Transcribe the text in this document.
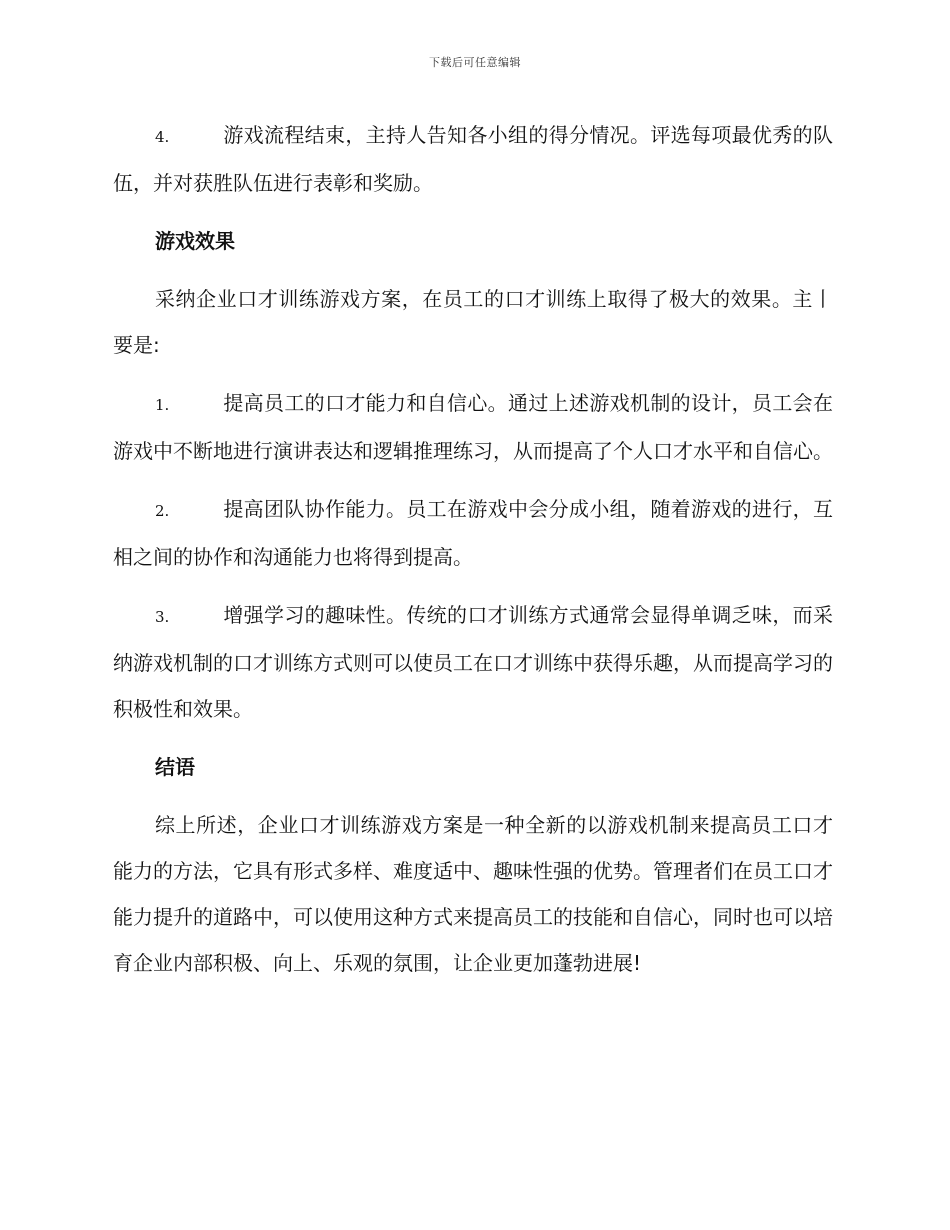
下载后可任意编辑

4.	游戏流程结束，主持人告知各小组的得分情况。评选每项最优秀的队伍，并对获胜队伍进行表彰和奖励。

游戏效果

采纳企业口才训练游戏方案，在员工的口才训练上取得了极大的效果。主丨要是:

1.	提高员工的口才能力和自信心。通过上述游戏机制的设计，员工会在游戏中不断地进行演讲表达和逻辑推理练习，从而提高了个人口才水平和自信心。

2.	提高团队协作能力。员工在游戏中会分成小组，随着游戏的进行，互相之间的协作和沟通能力也将得到提高。

3.	增强学习的趣味性。传统的口才训练方式通常会显得单调乏味，而采纳游戏机制的口才训练方式则可以使员工在口才训练中获得乐趣，从而提高学习的积极性和效果。

结语

综上所述，企业口才训练游戏方案是一种全新的以游戏机制来提高员工口才能力的方法，它具有形式多样、难度适中、趣味性强的优势。管理者们在员工口才能力提升的道路中，可以使用这种方式来提高员工的技能和自信心，同时也可以培育企业内部积极、向上、乐观的氛围，让企业更加蓬勃进展!
